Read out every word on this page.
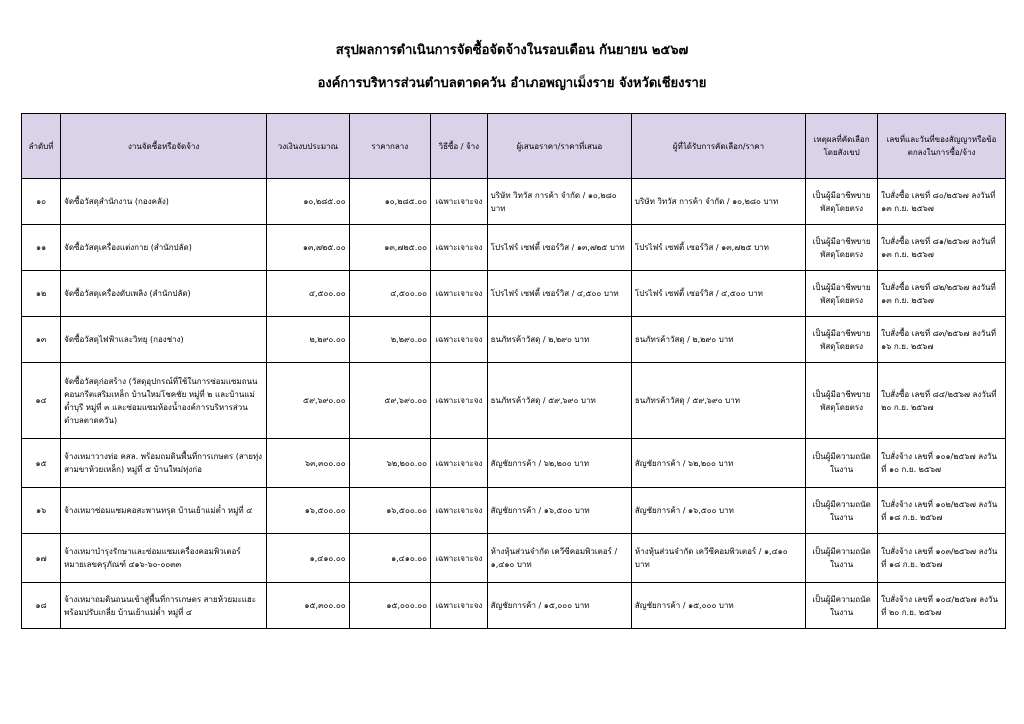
สรุปผลการดำเนินการจัดซื้อจัดจ้างในรอบเดือน กันยายน ๒๕๖๗
องค์การบริหารส่วนตำบลตาดควัน อำเภอพญาเม็งราย จังหวัดเชียงราย
ลำดับที่	งานจัดซื้อหรือจัดจ้าง	วงเงินงบประมาณ	ราคากลาง	วิธีซื้อ / จ้าง	ผู้เสนอราคา/ราคาที่เสนอ	ผู้ที่ได้รับการคัดเลือก/ราคา	เหตุผลที่คัดเลือกโดยสังเขป	เลขที่และวันที่ของสัญญาหรือข้อตกลงในการซื้อ/จ้าง
๑๐	จัดซื้อวัสดุสำนักงาน (กองคลัง)	๑๐,๒๘๕.๐๐	๑๐,๒๘๕.๐๐	เฉพาะเจาะจง	บริษัท วิทวัส การค้า จำกัด / ๑๐,๒๘๐ บาท	บริษัท วิทวัส การค้า จำกัด / ๑๐,๒๘๐ บาท	เป็นผู้มีอาชีพขายพัสดุโดยตรง	ใบสั่งซื้อ เลขที่ ๘๐/๒๕๖๗ ลงวันที่ ๑๓ ก.ย. ๒๕๖๗
๑๑	จัดซื้อวัสดุเครื่องแต่งกาย (สำนักปลัด)	๑๓,๗๒๕.๐๐	๑๓,๗๒๕.๐๐	เฉพาะเจาะจง	โปรไฟร์ เซฟตี้ เซอร์วิส / ๑๓,๗๒๕ บาท	โปรไฟร์ เซฟตี้ เซอร์วิส / ๑๓,๗๒๕ บาท	เป็นผู้มีอาชีพขายพัสดุโดยตรง	ใบสั่งซื้อ เลขที่ ๘๑/๒๕๖๗ ลงวันที่ ๑๓ ก.ย. ๒๕๖๗
๑๒	จัดซื้อวัสดุเครื่องดับเพลิง (สำนักปลัด)	๔,๕๐๐.๐๐	๔,๕๐๐.๐๐	เฉพาะเจาะจง	โปรไฟร์ เซฟตี้ เซอร์วิส / ๔,๕๐๐ บาท	โปรไฟร์ เซฟตี้ เซอร์วิส / ๔,๕๐๐ บาท	เป็นผู้มีอาชีพขายพัสดุโดยตรง	ใบสั่งซื้อ เลขที่ ๘๒/๒๕๖๗ ลงวันที่ ๑๓ ก.ย. ๒๕๖๗
๑๓	จัดซื้อวัสดุไฟฟ้าและวิทยุ (กองช่าง)	๒,๒๙๐.๐๐	๒,๒๙๐.๐๐	เฉพาะเจาะจง	ธนภัทรค้าวัสดุ / ๒,๒๙๐ บาท	ธนภัทรค้าวัสดุ / ๒,๒๙๐ บาท	เป็นผู้มีอาชีพขายพัสดุโดยตรง	ใบสั่งซื้อ เลขที่ ๘๓/๒๕๖๗ ลงวันที่ ๑๖ ก.ย. ๒๕๖๗
๑๔	จัดซื้อวัสดุก่อสร้าง (วัสดุอุปกรณ์ที่ใช้ในการซ่อมแซมถนนคอนกรีตเสริมเหล็ก บ้านใหม่โชคชัย หมู่ที่ ๒ และบ้านแม่ต๋ำบุรี หมู่ที่ ๓ และซ่อมแซมห้องน้ำองค์การบริหารส่วนตำบลตาดควัน)	๕๙,๖๙๐.๐๐	๕๙,๖๙๐.๐๐	เฉพาะเจาะจง	ธนภัทรค้าวัสดุ / ๕๙,๖๙๐ บาท	ธนภัทรค้าวัสดุ / ๕๙,๖๙๐ บาท	เป็นผู้มีอาชีพขายพัสดุโดยตรง	ใบสั่งซื้อ เลขที่ ๘๔/๒๕๖๗ ลงวันที่ ๒๐ ก.ย. ๒๕๖๗
๑๕	จ้างเหมาวางท่อ คสล. พร้อมถมดินพื้นที่การเกษตร (สายทุ่งสามขาห้วยเหล็ก) หมู่ที่ ๕ บ้านใหม่ทุ่งก่อ	๖๓,๓๐๐.๐๐	๖๒,๒๐๐.๐๐	เฉพาะเจาะจง	สัญชัยการค้า / ๖๒,๒๐๐ บาท	สัญชัยการค้า / ๖๒,๒๐๐ บาท	เป็นผู้มีความถนัดในงาน	ใบสั่งจ้าง เลขที่ ๑๐๑/๒๕๖๗ ลงวันที่ ๑๐ ก.ย. ๒๕๖๗
๑๖	จ้างเหมาซ่อมแซมคอสะพานทรุด บ้านเย้าแม่ต๋ำ หมู่ที่ ๔	๑๖,๕๐๐.๐๐	๑๖,๕๐๐.๐๐	เฉพาะเจาะจง	สัญชัยการค้า / ๑๖,๕๐๐ บาท	สัญชัยการค้า / ๑๖,๕๐๐ บาท	เป็นผู้มีความถนัดในงาน	ใบสั่งจ้าง เลขที่ ๑๐๒/๒๕๖๗ ลงวันที่ ๑๘ ก.ย. ๒๕๖๗
๑๗	จ้างเหมาบำรุงรักษาและซ่อมแซมเครื่องคอมพิวเตอร์ หมายเลขครุภัณฑ์ ๔๑๖-๖๐-๐๐๓๓	๑,๔๑๐.๐๐	๑,๔๑๐.๐๐	เฉพาะเจาะจง	ห้างหุ้นส่วนจำกัด เควีซีคอมพิวเตอร์ / ๑,๔๑๐ บาท	ห้างหุ้นส่วนจำกัด เควีซีคอมพิวเตอร์ / ๑,๔๑๐ บาท	เป็นผู้มีความถนัดในงาน	ใบสั่งจ้าง เลขที่ ๑๐๓/๒๕๖๗ ลงวันที่ ๑๘ ก.ย. ๒๕๖๗
๑๘	จ้างเหมาถมดินถนนเข้าสู่พื้นที่การเกษตร สายห้วยมะแฮะ พร้อมปรับเกลี่ย บ้านเย้าแม่ต๋ำ หมู่ที่ ๔	๑๕,๓๐๐.๐๐	๑๕,๐๐๐.๐๐	เฉพาะเจาะจง	สัญชัยการค้า / ๑๕,๐๐๐ บาท	สัญชัยการค้า / ๑๕,๐๐๐ บาท	เป็นผู้มีความถนัดในงาน	ใบสั่งจ้าง เลขที่ ๑๐๔/๒๕๖๗ ลงวันที่ ๒๐ ก.ย. ๒๕๖๗
